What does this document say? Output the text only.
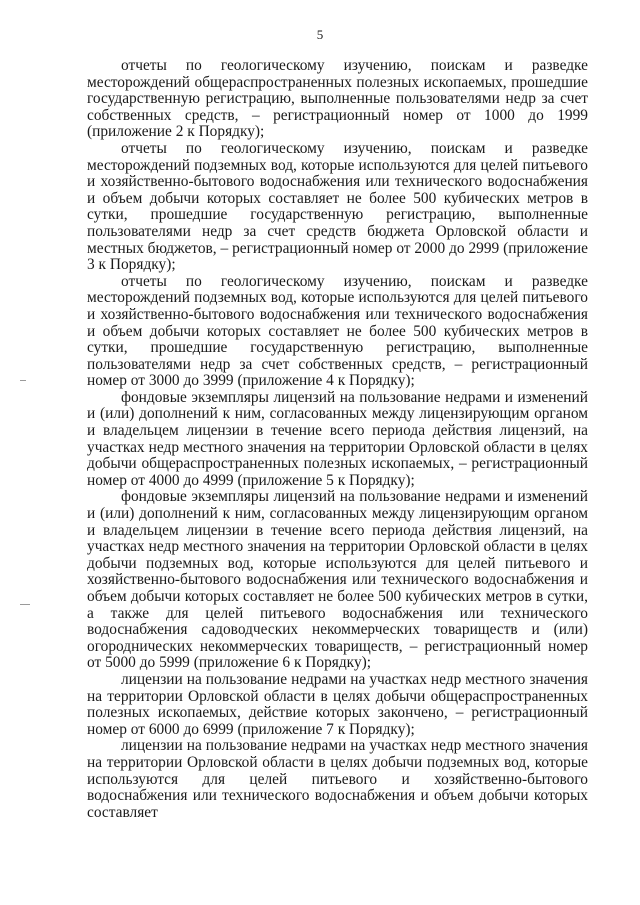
5

отчеты по геологическому изучению, поискам и разведке месторождений общераспространенных полезных ископаемых, прошедшие государственную регистрацию, выполненные пользователями недр за счет собственных средств, – регистрационный номер от 1000 до 1999 (приложение 2 к Порядку);

отчеты по геологическому изучению, поискам и разведке месторождений подземных вод, которые используются для целей питьевого и хозяйственно-бытового водоснабжения или технического водоснабжения и объем добычи которых составляет не более 500 кубических метров в сутки, прошедшие государственную регистрацию, выполненные пользователями недр за счет средств бюджета Орловской области и местных бюджетов, – регистрационный номер от 2000 до 2999 (приложение 3 к Порядку);

отчеты по геологическому изучению, поискам и разведке месторождений подземных вод, которые используются для целей питьевого и хозяйственно-бытового водоснабжения или технического водоснабжения и объем добычи которых составляет не более 500 кубических метров в сутки, прошедшие государственную регистрацию, выполненные пользователями недр за счет собственных средств, – регистрационный номер от 3000 до 3999 (приложение 4 к Порядку);

фондовые экземпляры лицензий на пользование недрами и изменений и (или) дополнений к ним, согласованных между лицензирующим органом и владельцем лицензии в течение всего периода действия лицензий, на участках недр местного значения на территории Орловской области в целях добычи общераспространенных полезных ископаемых, – регистрационный номер от 4000 до 4999 (приложение 5 к Порядку);

фондовые экземпляры лицензий на пользование недрами и изменений и (или) дополнений к ним, согласованных между лицензирующим органом и владельцем лицензии в течение всего периода действия лицензий, на участках недр местного значения на территории Орловской области в целях добычи подземных вод, которые используются для целей питьевого и хозяйственно-бытового водоснабжения или технического водоснабжения и объем добычи которых составляет не более 500 кубических метров в сутки, а также для целей питьевого водоснабжения или технического водоснабжения садоводческих некоммерческих товариществ и (или) огороднических некоммерческих товариществ, – регистрационный номер от 5000 до 5999 (приложение 6 к Порядку);

лицензии на пользование недрами на участках недр местного значения на территории Орловской области в целях добычи общераспространенных полезных ископаемых, действие которых закончено, – регистрационный номер от 6000 до 6999 (приложение 7 к Порядку);

лицензии на пользование недрами на участках недр местного значения на территории Орловской области в целях добычи подземных вод, которые используются для целей питьевого и хозяйственно-бытового водоснабжения или технического водоснабжения и объем добычи которых составляет
